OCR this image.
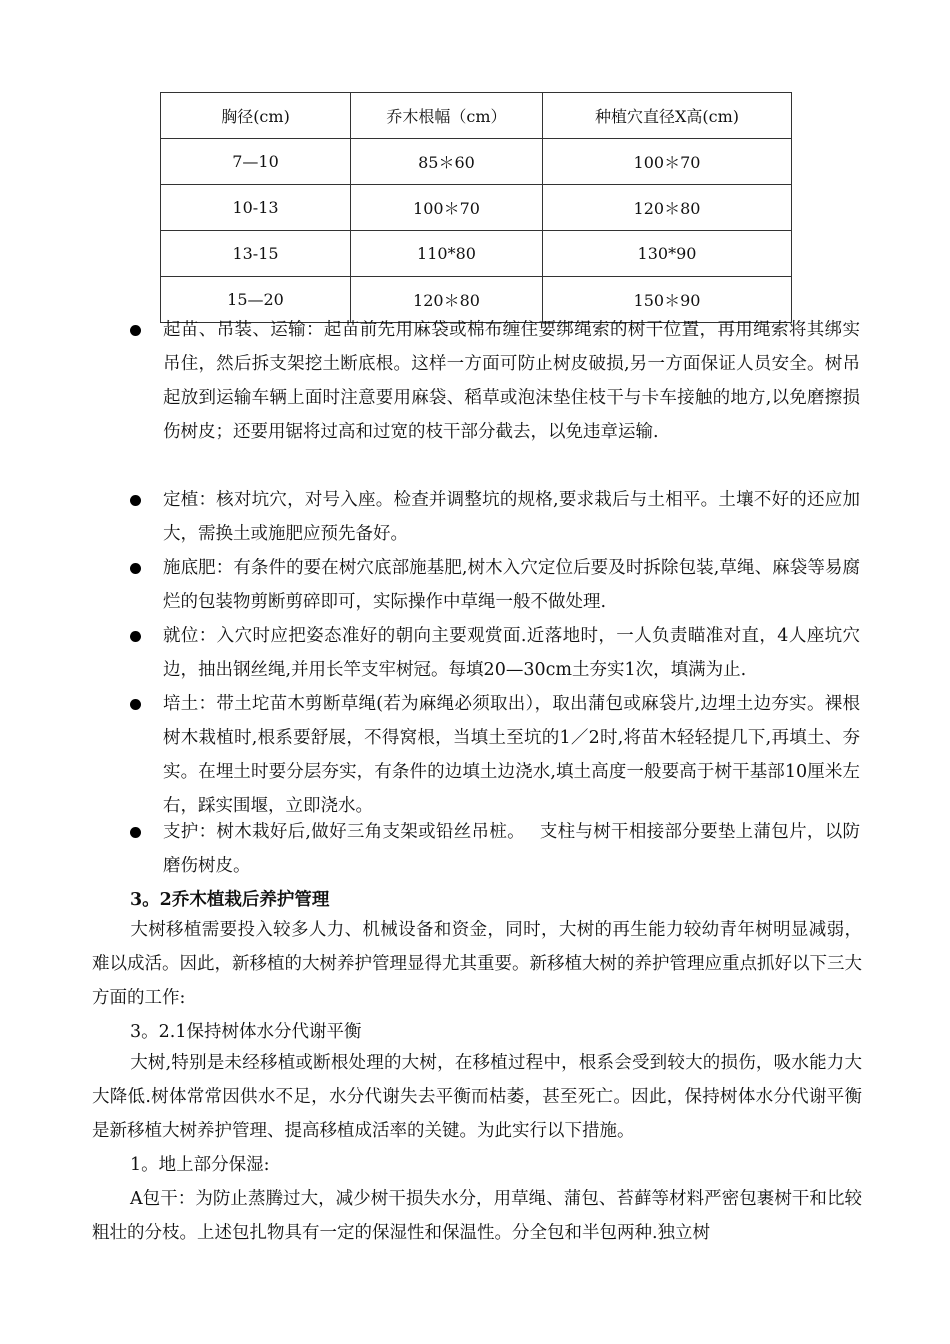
胸径(cm)	乔木根幅（cm）	种植穴直径X高(cm)
7—10	85＊60	100＊70
10-13	100＊70	120＊80
13-15	110*80	130*90
15—20	120＊80	150＊90
起苗、吊装、运输：起苗前先用麻袋或棉布缠住要绑绳索的树干位置，再用绳索将其绑实吊住，然后拆支架挖土断底根。这样一方面可防止树皮破损,另一方面保证人员安全。树吊起放到运输车辆上面时注意要用麻袋、稻草或泡沫垫住枝干与卡车接触的地方,以免磨擦损伤树皮；还要用锯将过高和过宽的枝干部分截去，以免违章运输.
定植：核对坑穴，对号入座。检查并调整坑的规格,要求栽后与土相平。土壤不好的还应加大，需换土或施肥应预先备好。
施底肥：有条件的要在树穴底部施基肥,树木入穴定位后要及时拆除包装,草绳、麻袋等易腐烂的包装物剪断剪碎即可，实际操作中草绳一般不做处理.
就位：入穴时应把姿态准好的朝向主要观赏面.近落地时，一人负责瞄准对直，4人座坑穴边，抽出钢丝绳,并用长竿支牢树冠。每填20—30cm土夯实1次，填满为止.
培土：带土坨苗木剪断草绳(若为麻绳必须取出），取出蒲包或麻袋片,边埋土边夯实。裸根树木栽植时,根系要舒展，不得窝根，当填土至坑的1／2时,将苗木轻轻提几下,再填土、夯实。在埋土时要分层夯实，有条件的边填土边浇水,填土高度一般要高于树干基部10厘米左右，踩实围堰，立即浇水。
支护：树木栽好后,做好三角支架或铅丝吊桩。　 支柱与树干相接部分要垫上蒲包片，以防磨伤树皮。
3。2乔木植栽后养护管理
大树移植需要投入较多人力、机械设备和资金，同时，大树的再生能力较幼青年树明显减弱，难以成活。因此，新移植的大树养护管理显得尤其重要。新移植大树的养护管理应重点抓好以下三大方面的工作:
3。2.1保持树体水分代谢平衡
大树,特别是未经移植或断根处理的大树，在移植过程中，根系会受到较大的损伤，吸水能力大大降低.树体常常因供水不足，水分代谢失去平衡而枯萎，甚至死亡。因此，保持树体水分代谢平衡是新移植大树养护管理、提高移植成活率的关键。为此实行以下措施。
1。地上部分保湿:
A包干：为防止蒸腾过大，减少树干损失水分，用草绳、蒲包、苔藓等材料严密包裹树干和比较粗壮的分枝。上述包扎物具有一定的保湿性和保温性。分全包和半包两种.独立树
